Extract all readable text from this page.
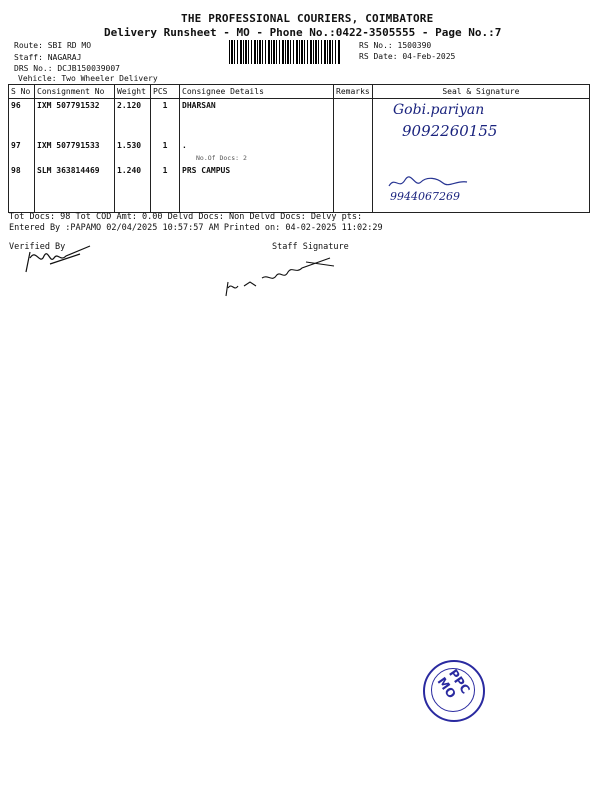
THE PROFESSIONAL COURIERS, COIMBATORE
Delivery Runsheet - MO - Phone No.:0422-3505555 - Page No.:7
Route: SBI RD MO
Staff: NAGARAJ
DRS No.: DCJB150039007
Vehicle: Two Wheeler Delivery
RS No.: 1500390
RS Date: 04-Feb-2025
S No	Consignment No	Weight	PCS	Consignee Details	Remarks	Seal & Signature
96	IXM 507791532	2.120	1	DHARSAN		
97	IXM 507791533	1.530	1	.
No.Of Docs: 2		

98	SLM 363814469	1.240	1	PRS CAMPUS		
Gobi.pariyan
9092260155
9944067269
Tot Docs: 98 Tot COD Amt: 0.00 Delvd Docs: Non Delvd Docs: Delvy pts:
Entered By :PAPAMO 02/04/2025 10:57:57 AM Printed on: 04-02-2025 11:02:29
Verified By	Staff Signature
PPC MO
